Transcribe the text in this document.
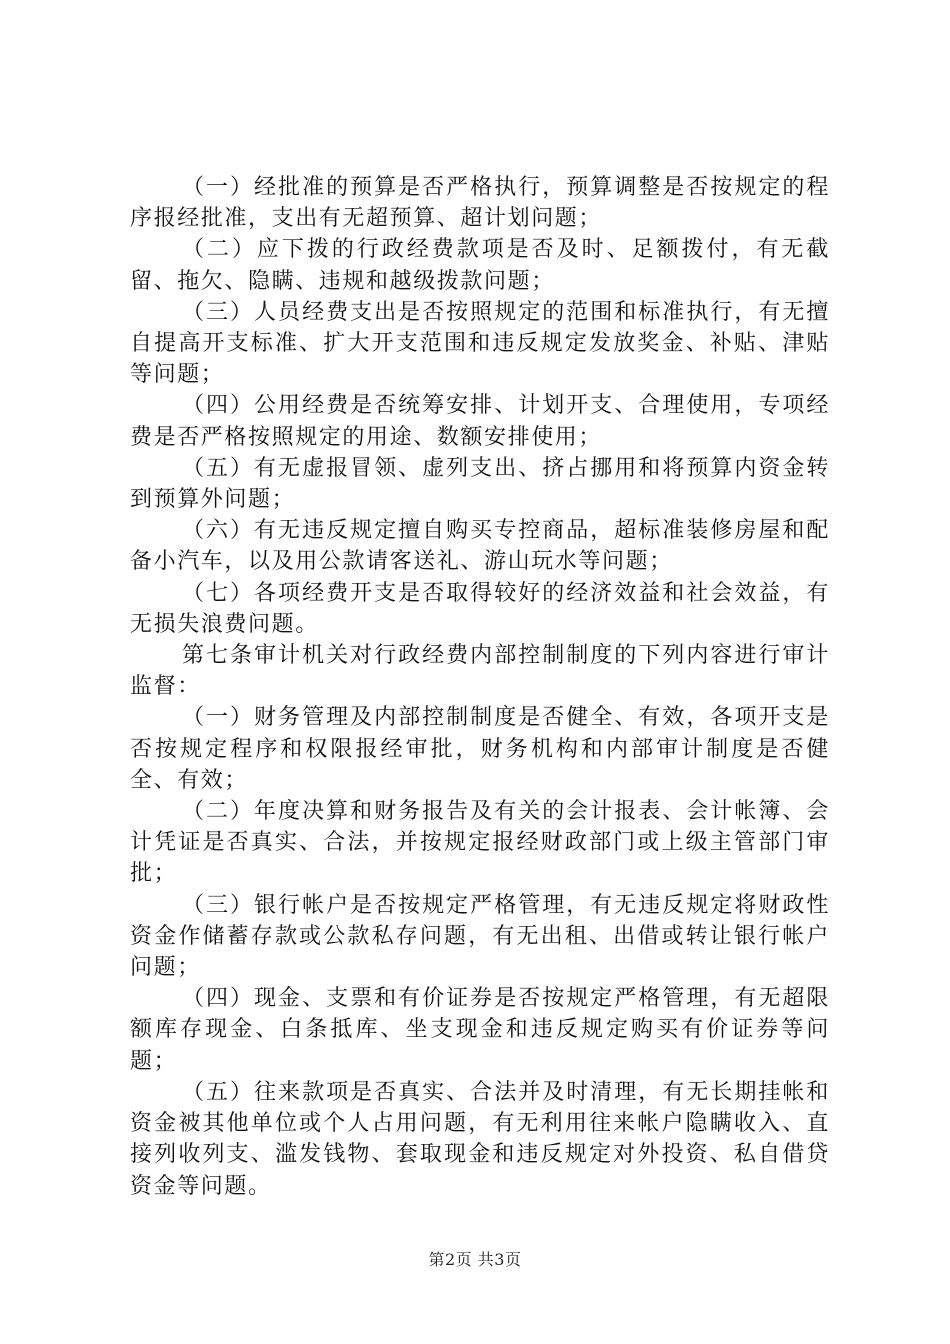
（一）经批准的预算是否严格执行，预算调整是否按规定的程序报经批准，支出有无超预算、超计划问题；

（二）应下拨的行政经费款项是否及时、足额拨付，有无截留、拖欠、隐瞒、违规和越级拨款问题；

（三）人员经费支出是否按照规定的范围和标准执行，有无擅自提高开支标准、扩大开支范围和违反规定发放奖金、补贴、津贴等问题；

（四）公用经费是否统筹安排、计划开支、合理使用，专项经费是否严格按照规定的用途、数额安排使用；

（五）有无虚报冒领、虚列支出、挤占挪用和将预算内资金转到预算外问题；

（六）有无违反规定擅自购买专控商品，超标准装修房屋和配备小汽车，以及用公款请客送礼、游山玩水等问题；

（七）各项经费开支是否取得较好的经济效益和社会效益，有无损失浪费问题。

第七条审计机关对行政经费内部控制制度的下列内容进行审计监督：

（一）财务管理及内部控制制度是否健全、有效，各项开支是否按规定程序和权限报经审批，财务机构和内部审计制度是否健全、有效；

（二）年度决算和财务报告及有关的会计报表、会计帐簿、会计凭证是否真实、合法，并按规定报经财政部门或上级主管部门审批；

（三）银行帐户是否按规定严格管理，有无违反规定将财政性资金作储蓄存款或公款私存问题，有无出租、出借或转让银行帐户问题；

（四）现金、支票和有价证券是否按规定严格管理，有无超限额库存现金、白条抵库、坐支现金和违反规定购买有价证券等问题；

（五）往来款项是否真实、合法并及时清理，有无长期挂帐和资金被其他单位或个人占用问题，有无利用往来帐户隐瞒收入、直接列收列支、滥发钱物、套取现金和违反规定对外投资、私自借贷资金等问题。

第2页 共3页
